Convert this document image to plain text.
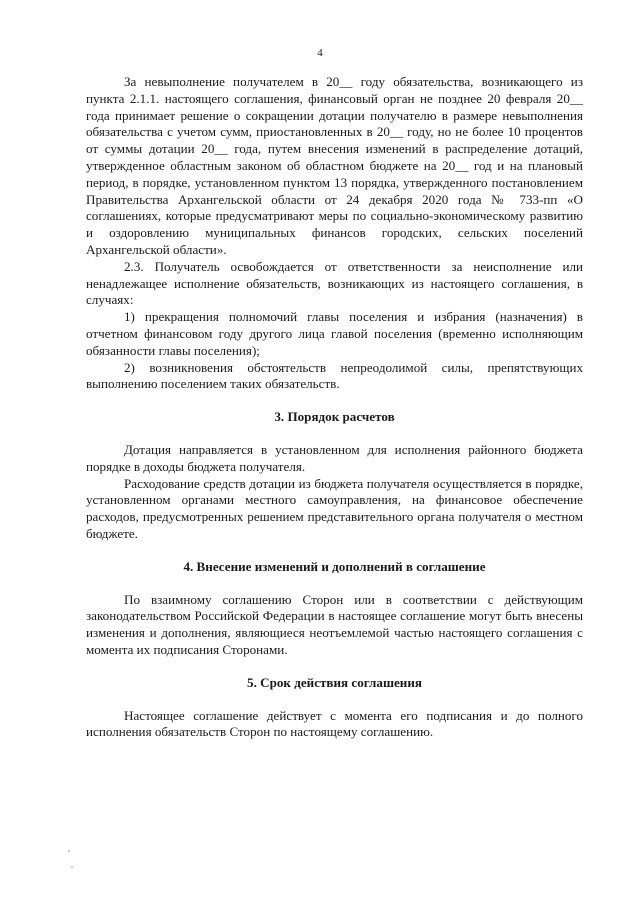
4

За невыполнение получателем в 20__ году обязательства, возникающего из пункта 2.1.1. настоящего соглашения, финансовый орган не позднее 20 февраля 20__ года принимает решение о сокращении дотации получателю в размере невыполнения обязательства с учетом сумм, приостановленных в 20__ году, но не более 10 процентов от суммы дотации 20__ года, путем внесения изменений в распределение дотаций, утвержденное областным законом об областном бюджете на 20__ год и на плановый период, в порядке, установленном пунктом 13 порядка, утвержденного постановлением Правительства Архангельской области от 24 декабря 2020 года № 733-пп «О соглашениях, которые предусматривают меры по социально-экономическому развитию и оздоровлению муниципальных финансов городских, сельских поселений Архангельской области».

2.3. Получатель освобождается от ответственности за неисполнение или ненадлежащее исполнение обязательств, возникающих из настоящего соглашения, в случаях:

1) прекращения полномочий главы поселения и избрания (назначения) в отчетном финансовом году другого лица главой поселения (временно исполняющим обязанности главы поселения);

2) возникновения обстоятельств непреодолимой силы, препятствующих выполнению поселением таких обязательств.

3. Порядок расчетов

Дотация направляется в установленном для исполнения районного бюджета порядке в доходы бюджета получателя.

Расходование средств дотации из бюджета получателя осуществляется в порядке, установленном органами местного самоуправления, на финансовое обеспечение расходов, предусмотренных решением представительного органа получателя о местном бюджете.

4. Внесение изменений и дополнений в соглашение

По взаимному соглашению Сторон или в соответствии с действующим законодательством Российской Федерации в настоящее соглашение могут быть внесены изменения и дополнения, являющиеся неотъемлемой частью настоящего соглашения с момента их подписания Сторонами.

5. Срок действия соглашения

Настоящее соглашение действует с момента его подписания и до полного исполнения обязательств Сторон по настоящему соглашению.
